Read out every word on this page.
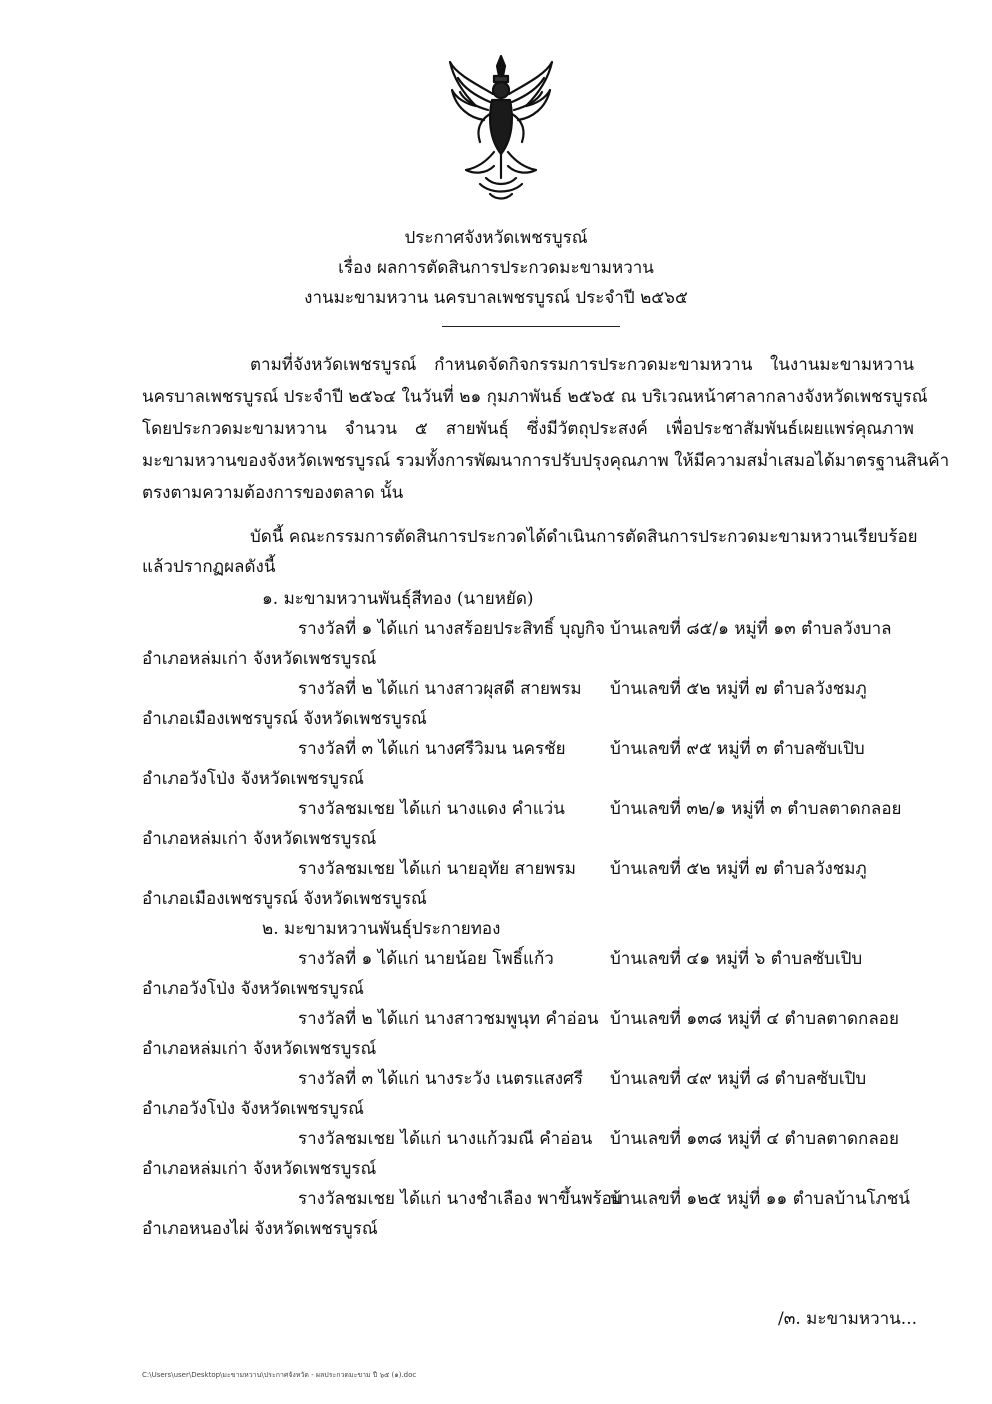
ประกาศจังหวัดเพชรบูรณ์
เรื่อง ผลการตัดสินการประกวดมะขามหวาน
งานมะขามหวาน นครบาลเพชรบูรณ์ ประจำปี ๒๕๖๕
ตามที่จังหวัดเพชรบูรณ์ กำหนดจัดกิจกรรมการประกวดมะขามหวาน ในงานมะขามหวาน
นครบาลเพชรบูรณ์ ประจำปี ๒๕๖๔ ในวันที่ ๒๑ กุมภาพันธ์ ๒๕๖๕ ณ บริเวณหน้าศาลากลางจังหวัดเพชรบูรณ์
โดยประกวดมะขามหวาน จำนวน ๕ สายพันธุ์ ซึ่งมีวัตถุประสงค์ เพื่อประชาสัมพันธ์เผยแพร่คุณภาพ
มะขามหวานของจังหวัดเพชรบูรณ์ รวมทั้งการพัฒนาการปรับปรุงคุณภาพ ให้มีความสม่ำเสมอได้มาตรฐานสินค้า
ตรงตามความต้องการของตลาด นั้น
บัดนี้ คณะกรรมการตัดสินการประกวดได้ดำเนินการตัดสินการประกวดมะขามหวานเรียบร้อย
แล้วปรากฏผลดังนี้
๑. มะขามหวานพันธุ์สีทอง (นายหยัด)
รางวัลที่ ๑ ได้แก่ นางสร้อยประสิทธิ์ บุญกิจ บ้านเลขที่ ๘๕/๑ หมู่ที่ ๑๓ ตำบลวังบาล
อำเภอหล่มเก่า จังหวัดเพชรบูรณ์
รางวัลที่ ๒ ได้แก่ นางสาวผุสดี สายพรม บ้านเลขที่ ๕๒ หมู่ที่ ๗ ตำบลวังชมภู
อำเภอเมืองเพชรบูรณ์ จังหวัดเพชรบูรณ์
รางวัลที่ ๓ ได้แก่ นางศรีวิมน นครชัย	บ้านเลขที่ ๙๕ หมู่ที่ ๓ ตำบลซับเปิบ
อำเภอวังโป่ง จังหวัดเพชรบูรณ์
รางวัลชมเชย ได้แก่ นางแดง คำแว่น	บ้านเลขที่ ๓๒/๑ หมู่ที่ ๓ ตำบลตาดกลอย
อำเภอหล่มเก่า จังหวัดเพชรบูรณ์
รางวัลชมเชย ได้แก่ นายอุทัย สายพรม บ้านเลขที่ ๕๒ หมู่ที่ ๗ ตำบลวังชมภู
อำเภอเมืองเพชรบูรณ์ จังหวัดเพชรบูรณ์
๒. มะขามหวานพันธุ์ประกายทอง
รางวัลที่ ๑ ได้แก่ นายน้อย โพธิ์แก้ว	บ้านเลขที่ ๔๑ หมู่ที่ ๖ ตำบลซับเปิบ
อำเภอวังโป่ง จังหวัดเพชรบูรณ์
รางวัลที่ ๒ ได้แก่ นางสาวชมพูนุท คำอ่อน บ้านเลขที่ ๑๓๘ หมู่ที่ ๔ ตำบลตาดกลอย
อำเภอหล่มเก่า จังหวัดเพชรบูรณ์
รางวัลที่ ๓ ได้แก่ นางระวัง เนตรแสงศรี บ้านเลขที่ ๔๙ หมู่ที่ ๘ ตำบลซับเปิบ
อำเภอวังโป่ง จังหวัดเพชรบูรณ์
รางวัลชมเชย ได้แก่ นางแก้วมณี คำอ่อน บ้านเลขที่ ๑๓๘ หมู่ที่ ๔ ตำบลตาดกลอย
อำเภอหล่มเก่า จังหวัดเพชรบูรณ์
รางวัลชมเชย ได้แก่ นางชำเลือง พาขึ้นพร้อมบ้านเลขที่ ๑๒๕ หมู่ที่ ๑๑ ตำบลบ้านโภชน์
อำเภอหนองไผ่ จังหวัดเพชรบูรณ์
/๓. มะขามหวาน...
C:\Users\user\Desktop\มะขามหวาน\ประกาศจังหวัด - ผลประกวดมะขาม ปี ๖๕ (๑).doc
